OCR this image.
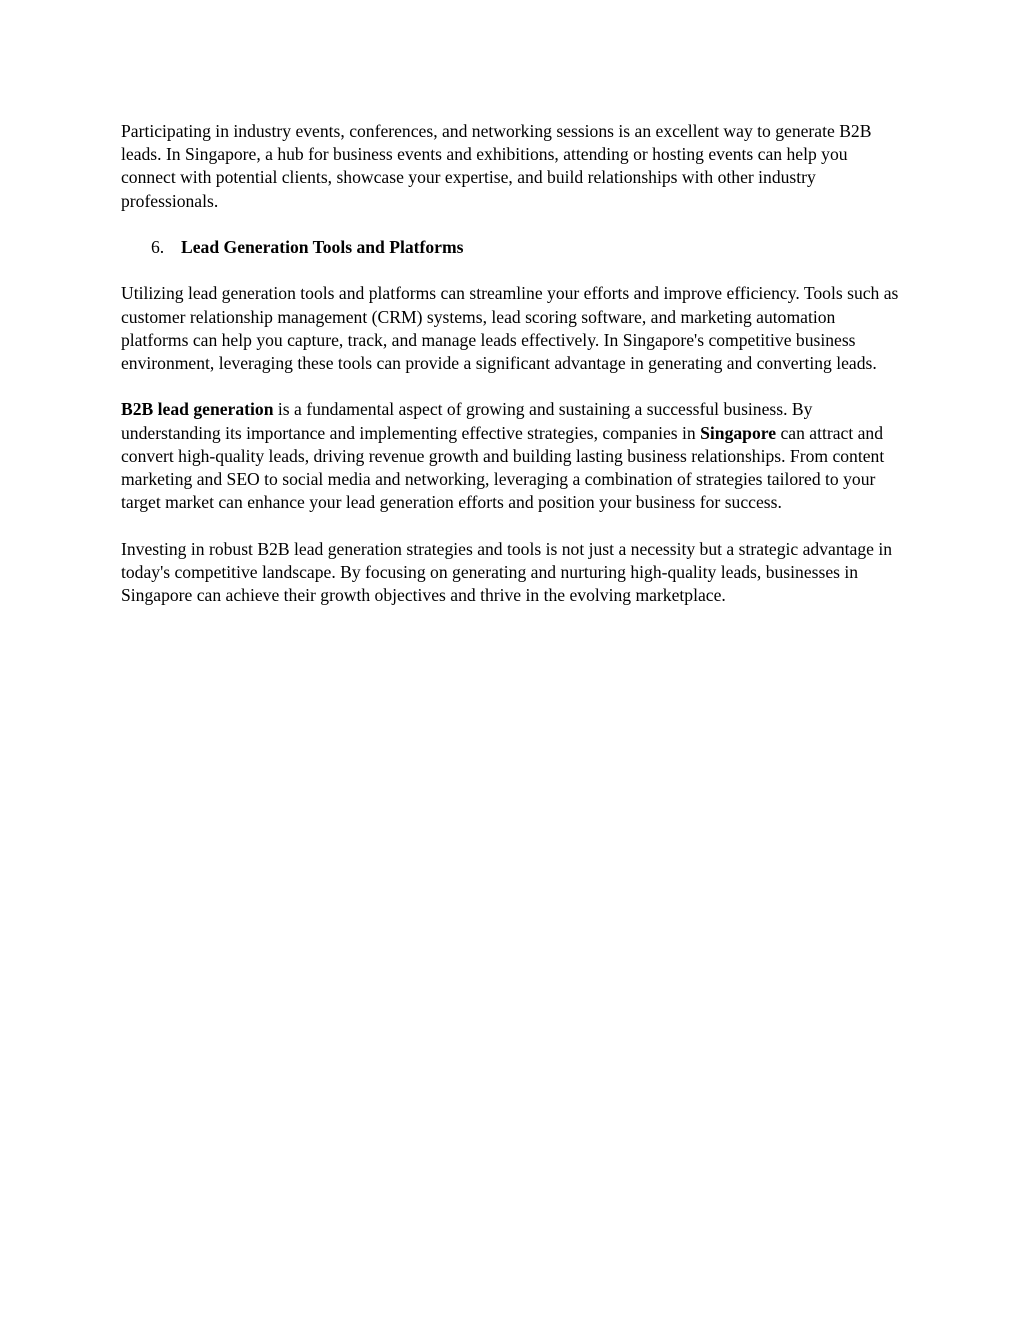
Participating in industry events, conferences, and networking sessions is an excellent way to generate B2B leads. In Singapore, a hub for business events and exhibitions, attending or hosting events can help you connect with potential clients, showcase your expertise, and build relationships with other industry professionals.

6. Lead Generation Tools and Platforms

Utilizing lead generation tools and platforms can streamline your efforts and improve efficiency. Tools such as customer relationship management (CRM) systems, lead scoring software, and marketing automation platforms can help you capture, track, and manage leads effectively. In Singapore's competitive business environment, leveraging these tools can provide a significant advantage in generating and converting leads.

B2B lead generation is a fundamental aspect of growing and sustaining a successful business. By understanding its importance and implementing effective strategies, companies in Singapore can attract and convert high-quality leads, driving revenue growth and building lasting business relationships. From content marketing and SEO to social media and networking, leveraging a combination of strategies tailored to your target market can enhance your lead generation efforts and position your business for success.

Investing in robust B2B lead generation strategies and tools is not just a necessity but a strategic advantage in today's competitive landscape. By focusing on generating and nurturing high-quality leads, businesses in Singapore can achieve their growth objectives and thrive in the evolving marketplace.
